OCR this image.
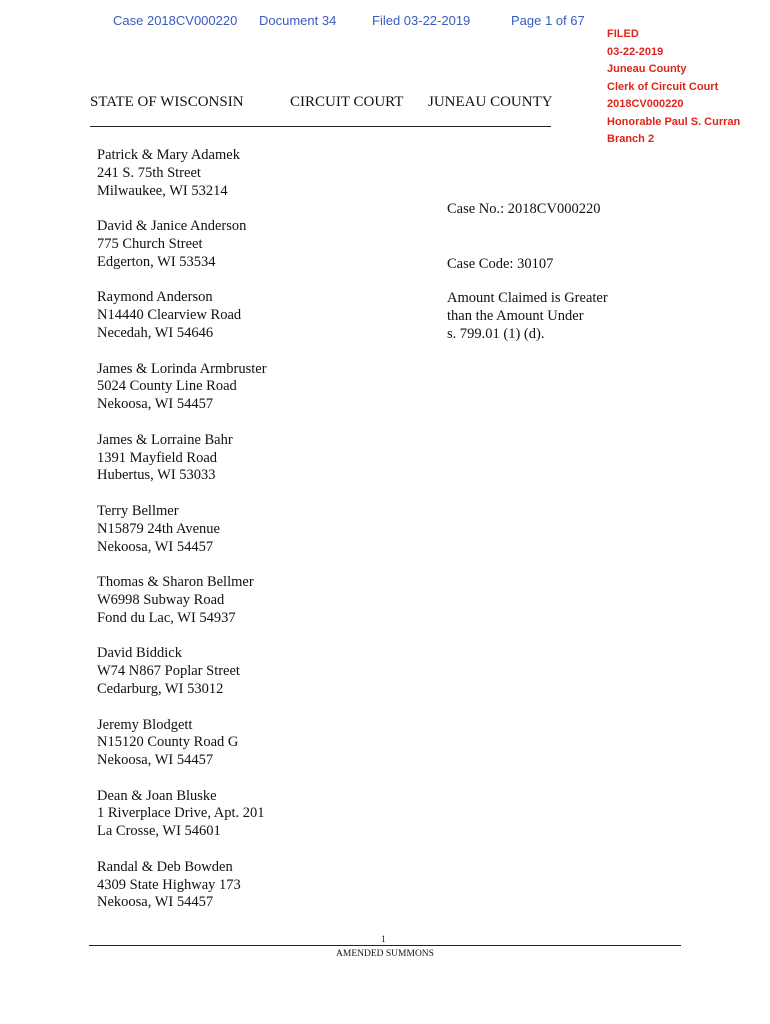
Case 2018CV000220 Document 34	Filed 03-22-2019	Page 1 of 67
FILED
03-22-2019
Juneau County
Clerk of Circuit Court
2018CV000220
Honorable Paul S. Curran
Branch 2
STATE OF WISCONSIN	CIRCUIT COURT JUNEAU COUNTY
Patrick & Mary Adamek
241 S. 75th Street
Milwaukee, WI 53214
David & Janice Anderson
775 Church Street
Edgerton, WI 53534
Raymond Anderson
N14440 Clearview Road
Necedah, WI 54646
James & Lorinda Armbruster
5024 County Line Road
Nekoosa, WI 54457
James & Lorraine Bahr
1391 Mayfield Road
Hubertus, WI 53033
Terry Bellmer
N15879 24th Avenue
Nekoosa, WI 54457
Thomas & Sharon Bellmer
W6998 Subway Road
Fond du Lac, WI 54937
David Biddick
W74 N867 Poplar Street
Cedarburg, WI 53012
Jeremy Blodgett
N15120 County Road G
Nekoosa, WI 54457
Dean & Joan Bluske
1 Riverplace Drive, Apt. 201
La Crosse, WI 54601
Randal & Deb Bowden
4309 State Highway 173
Nekoosa, WI 54457
Case No.: 2018CV000220
Case Code: 30107
Amount Claimed is Greater
than the Amount Under
s. 799.01 (1) (d).
1
AMENDED SUMMONS
